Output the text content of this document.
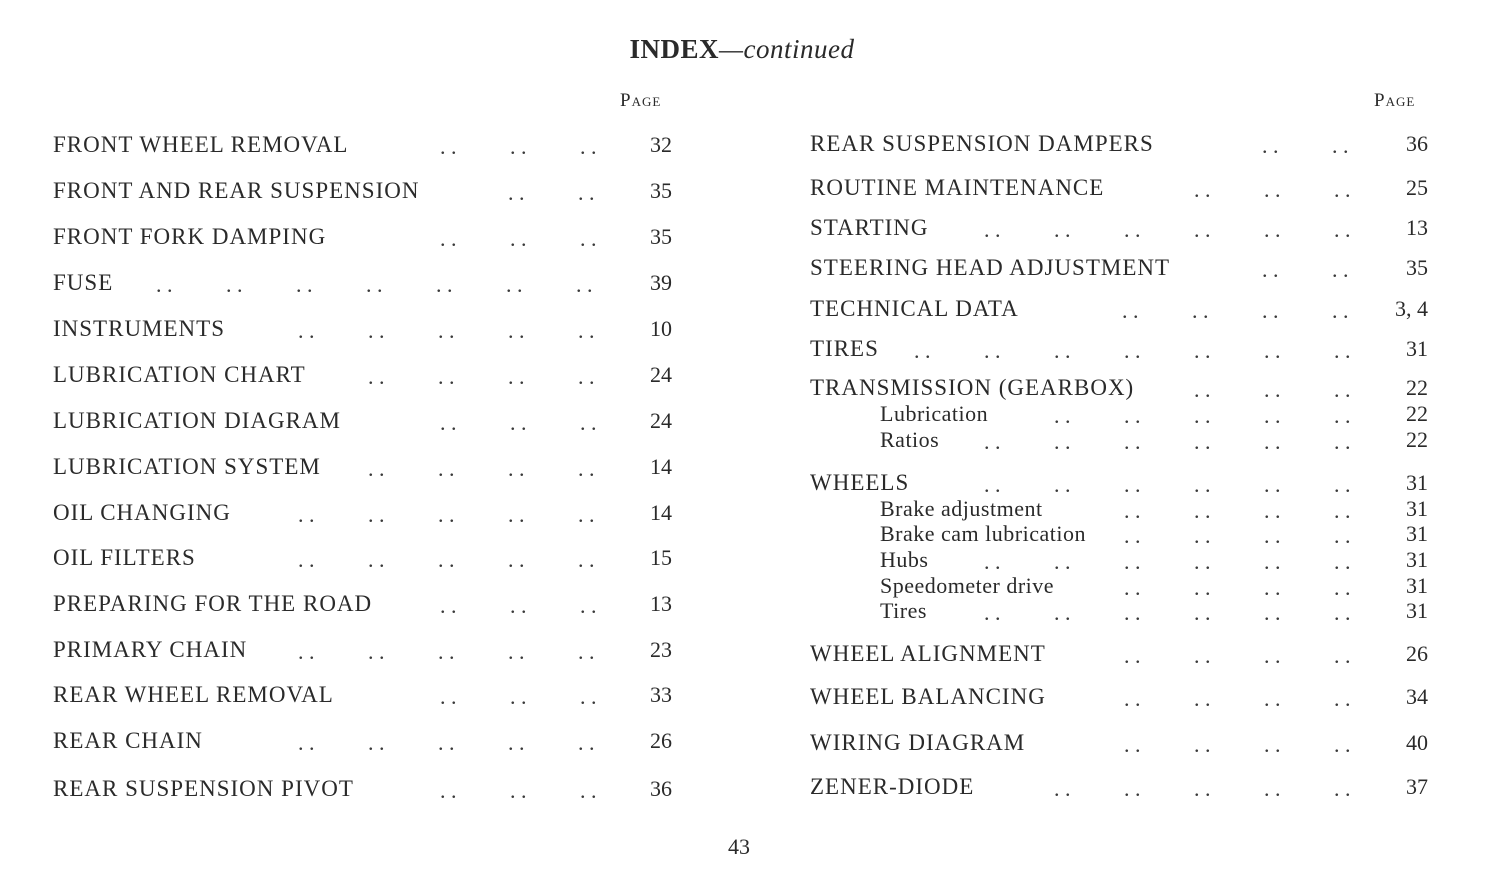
INDEX—continued
Page	Page
FRONT WHEEL REMOVAL	. . . . . .	32
FRONT AND REAR SUSPENSION	. . . .	35
FRONT FORK DAMPING	. . . . . .	35
FUSE . . . . . . . . . . . . . .	39
INSTRUMENTS	. . . . . . . . . .	10
LUBRICATION CHART	. . . . . . . .	24
LUBRICATION DIAGRAM	. . . . . .	24
LUBRICATION SYSTEM . . . . . . . .	14
OIL CHANGING	. . . . . . . . . .	14
OIL FILTERS	. . . . . . . . . .	15
PREPARING FOR THE ROAD	. . . . . .	13
PRIMARY CHAIN . . . . . . . . . .	23
REAR WHEEL REMOVAL	. . . . . .	33
REAR CHAIN	. . . . . . . . . .	26
REAR SUSPENSION PIVOT	. . . . . .	36
REAR SUSPENSION DAMPERS	. . . .	36
ROUTINE MAINTENANCE	. . . . . .	25
STARTING	. . . . . . . . . . . .	13
STEERING HEAD ADJUSTMENT	. . . .	35
TECHNICAL DATA	. . . . . . . .	3, 4
TIRES . . . . . . . . . . . . . .	31
TRANSMISSION (GEARBOX)	. . . . . .	22
Lubrication	. . . . . . . . . .	22
Ratios . . . . . . . . . . . .	22
WHEELS	. . . . . . . . . . . .	31
Brake adjustment	. . . . . . . .	31
Brake cam lubrication . . . . . . . .	31
Hubs	. . . . . . . . . . . .	31
Speedometer drive	. . . . . . . .	31
Tires	. . . . . . . . . . . .	31
WHEEL ALIGNMENT	. . . . . . . .	26
WHEEL BALANCING	. . . . . . . .	34
WIRING DIAGRAM	. . . . . . . .	40
ZENER-DIODE	. . . . . . . . . .	37
43
